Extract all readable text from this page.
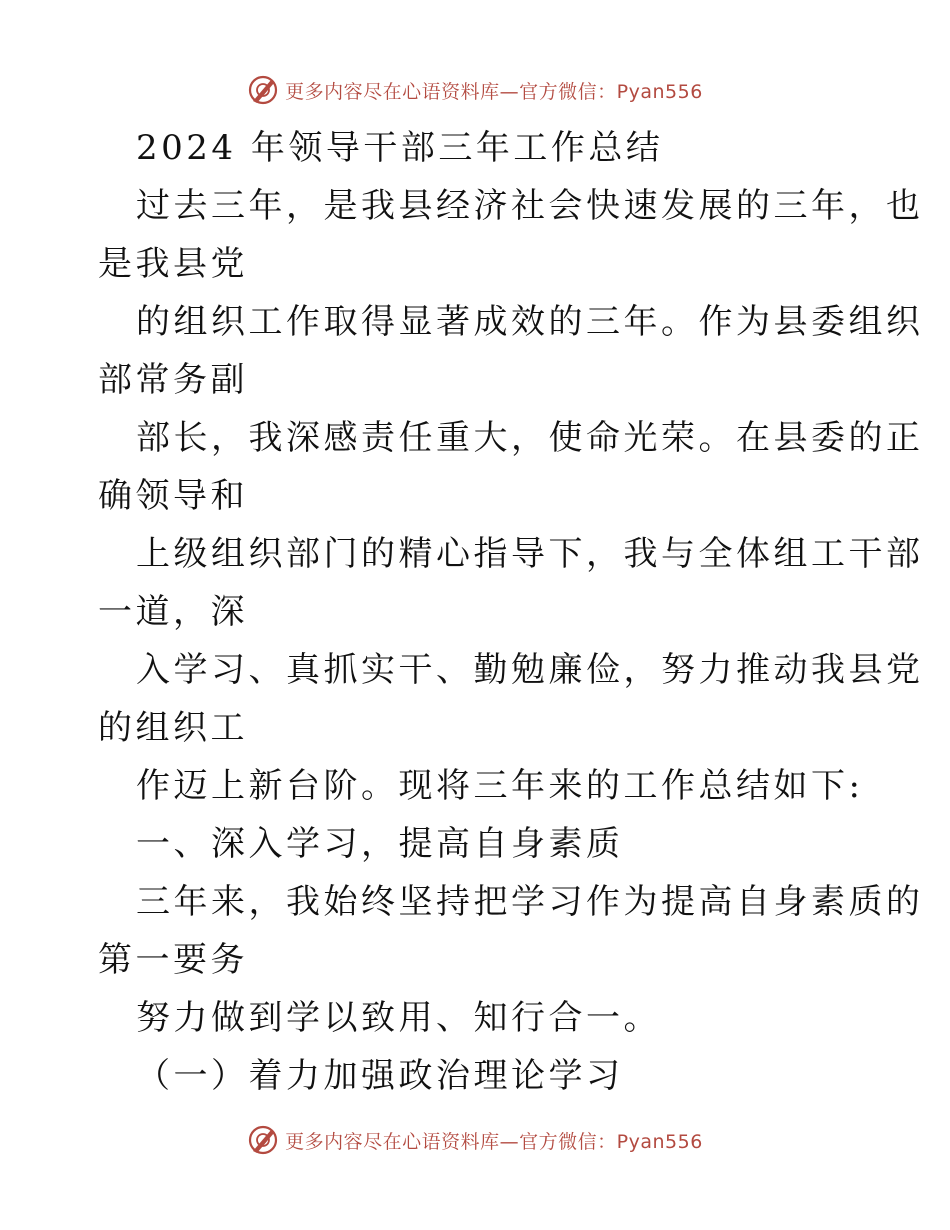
更多内容尽在心语资料库—官方微信：Pyan556
2024 年领导干部三年工作总结
过去三年，是我县经济社会快速发展的三年，也
是我县党
的组织工作取得显著成效的三年。作为县委组织
部常务副
部长，我深感责任重大，使命光荣。在县委的正
确领导和
上级组织部门的精心指导下，我与全体组工干部
一道，深
入学习、真抓实干、勤勉廉俭，努力推动我县党
的组织工
作迈上新台阶。现将三年来的工作总结如下:
一、深入学习，提高自身素质
三年来，我始终坚持把学习作为提高自身素质的
第一要务
努力做到学以致用、知行合一。
（一）着力加强政治理论学习
更多内容尽在心语资料库—官方微信：Pyan556
